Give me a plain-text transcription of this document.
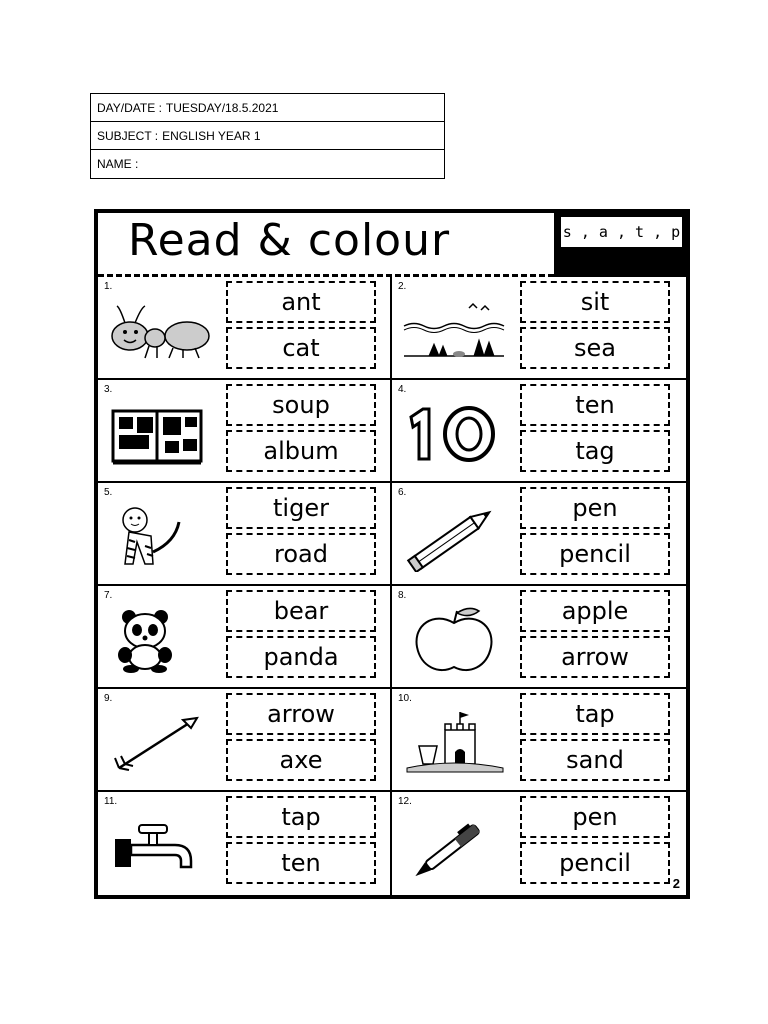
DAY/DATE : TUESDAY/18.5.2021
SUBJECT : ENGLISH YEAR 1
NAME :
Read & colour	s , a , t , p
1.
ant
cat
2.
sit
sea
3.
soup
album
4.
ten
tag
5.
tiger
road
6.
pen
pencil
7.
bear
panda
8.
apple
arrow
9.
arrow
axe
10.
tap
sand
11.
tap
ten
12.
pen
pencil
2
